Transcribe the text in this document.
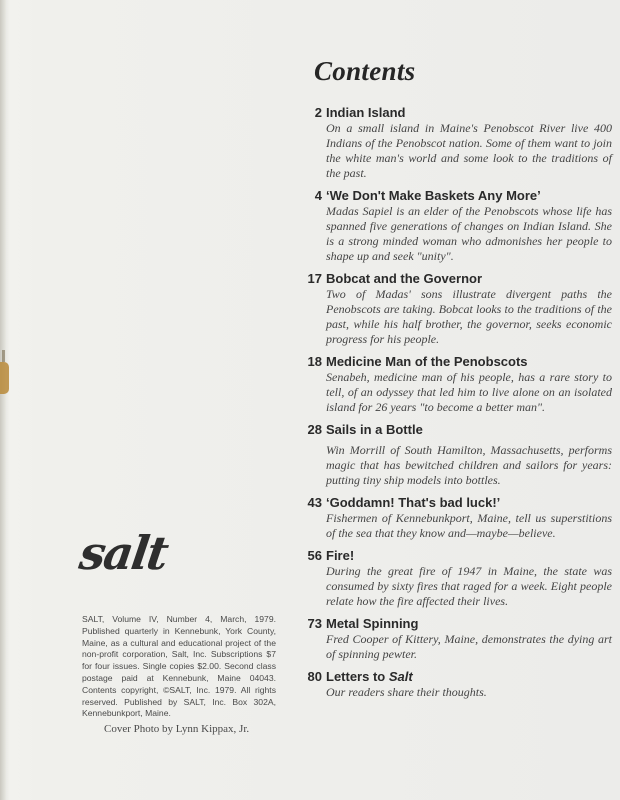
Contents
2 Indian Island
On a small island in Maine's Penobscot River live 400 Indians of the Penobscot nation. Some of them want to join the white man's world and some look to the traditions of the past.
4 ‘We Don't Make Baskets Any More’
Madas Sapiel is an elder of the Penobscots whose life has spanned five generations of changes on Indian Island. She is a strong minded woman who admonishes her people to shape up and seek "unity".
17 Bobcat and the Governor
Two of Madas' sons illustrate divergent paths the Penobscots are taking. Bobcat looks to the traditions of the past, while his half brother, the governor, seeks economic progress for his people.
18 Medicine Man of the Penobscots
Senabeh, medicine man of his people, has a rare story to tell, of an odyssey that led him to live alone on an isolated island for 26 years "to become a better man".
28 Sails in a Bottle
Win Morrill of South Hamilton, Massachusetts, performs magic that has bewitched children and sailors for years: putting tiny ship models into bottles.
43 ‘Goddamn! That's bad luck!’
Fishermen of Kennebunkport, Maine, tell us superstitions of the sea that they know and—maybe—believe.
56 Fire!
During the great fire of 1947 in Maine, the state was consumed by sixty fires that raged for a week. Eight people relate how the fire affected their lives.
73 Metal Spinning
Fred Cooper of Kittery, Maine, demonstrates the dying art of spinning pewter.
80 Letters to Salt
Our readers share their thoughts.
salt
SALT, Volume IV, Number 4, March, 1979. Published quarterly in Kennebunk, York County, Maine, as a cultural and educational project of the non-profit corporation, Salt, Inc. Subscriptions $7 for four issues. Single copies $2.00. Second class postage paid at Kennebunk, Maine 04043. Contents copyright, ©SALT, Inc. 1979. All rights reserved. Published by SALT, Inc. Box 302A, Kennebunkport, Maine.
Cover Photo by Lynn Kippax, Jr.
